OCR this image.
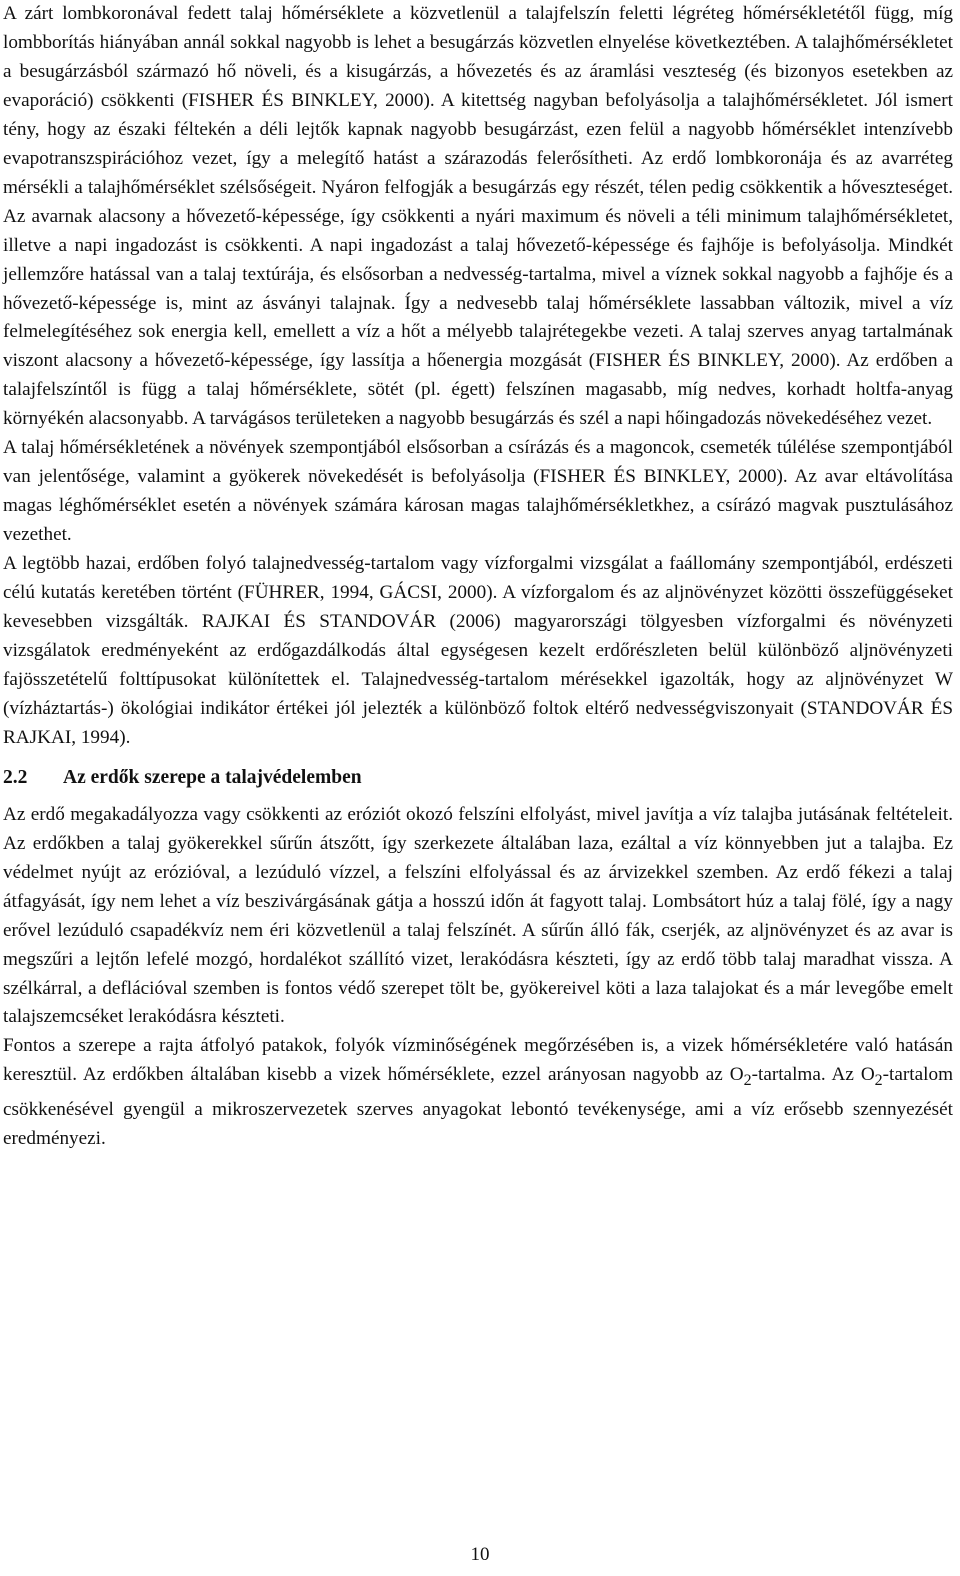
A zárt lombkoronával fedett talaj hőmérséklete a közvetlenül a talajfelszín feletti légréteg hőmérsékletétől függ, míg lombborítás hiányában annál sokkal nagyobb is lehet a besugárzás közvetlen elnyelése következtében. A talajhőmérsékletet a besugárzásból származó hő növeli, és a kisugárzás, a hővezetés és az áramlási veszteség (és bizonyos esetekben az evaporáció) csökkenti (FISHER ÉS BINKLEY, 2000). A kitettség nagyban befolyásolja a talajhőmérsékletet. Jól ismert tény, hogy az északi féltekén a déli lejtők kapnak nagyobb besugárzást, ezen felül a nagyobb hőmérséklet intenzívebb evapotranszspirációhoz vezet, így a melegítő hatást a szárazodás felerősítheti. Az erdő lombkoronája és az avarréteg mérsékli a talajhőmérséklet szélsőségeit. Nyáron felfogják a besugárzás egy részét, télen pedig csökkentik a hőveszteséget. Az avarnak alacsony a hővezető-képessége, így csökkenti a nyári maximum és növeli a téli minimum talajhőmérsékletet, illetve a napi ingadozást is csökkenti. A napi ingadozást a talaj hővezető-képessége és fajhője is befolyásolja. Mindkét jellemzőre hatással van a talaj textúrája, és elsősorban a nedvesség-tartalma, mivel a víznek sokkal nagyobb a fajhője és a hővezető-képessége is, mint az ásványi talajnak. Így a nedvesebb talaj hőmérséklete lassabban változik, mivel a víz felmelegítéséhez sok energia kell, emellett a víz a hőt a mélyebb talajrétegekbe vezeti. A talaj szerves anyag tartalmának viszont alacsony a hővezető-képessége, így lassítja a hőenergia mozgását (FISHER ÉS BINKLEY, 2000). Az erdőben a talajfelszíntől is függ a talaj hőmérséklete, sötét (pl. égett) felszínen magasabb, míg nedves, korhadt holtfa-anyag környékén alacsonyabb. A tarvágásos területeken a nagyobb besugárzás és szél a napi hőingadozás növekedéséhez vezet.

A talaj hőmérsékletének a növények szempontjából elsősorban a csírázás és a magoncok, csemeték túlélése szempontjából van jelentősége, valamint a gyökerek növekedését is befolyásolja (FISHER ÉS BINKLEY, 2000). Az avar eltávolítása magas léghőmérséklet esetén a növények számára károsan magas talajhőmérsékletkhez, a csírázó magvak pusztulásához vezethet.

A legtöbb hazai, erdőben folyó talajnedvesség-tartalom vagy vízforgalmi vizsgálat a faállomány szempontjából, erdészeti célú kutatás keretében történt (FÜHRER, 1994, GÁCSI, 2000). A vízforgalom és az aljnövényzet közötti összefüggéseket kevesebben vizsgálták. RAJKAI ÉS STANDOVÁR (2006) magyarországi tölgyesben vízforgalmi és növényzeti vizsgálatok eredményeként az erdőgazdálkodás által egységesen kezelt erdőrészleten belül különböző aljnövényzeti fajösszetételű folttípusokat különítettek el. Talajnedvesség-tartalom mérésekkel igazolták, hogy az aljnövényzet W (vízháztartás-) ökológiai indikátor értékei jól jelezték a különböző foltok eltérő nedvességviszonyait (STANDOVÁR ÉS RAJKAI, 1994).

2.2 Az erdők szerepe a talajvédelemben

Az erdő megakadályozza vagy csökkenti az eróziót okozó felszíni elfolyást, mivel javítja a víz talajba jutásának feltételeit. Az erdőkben a talaj gyökerekkel sűrűn átszőtt, így szerkezete általában laza, ezáltal a víz könnyebben jut a talajba. Ez védelmet nyújt az erózióval, a lezúduló vízzel, a felszíni elfolyással és az árvizekkel szemben. Az erdő fékezi a talaj átfagyását, így nem lehet a víz beszivárgásának gátja a hosszú időn át fagyott talaj. Lombsátort húz a talaj fölé, így a nagy erővel lezúduló csapadékvíz nem éri közvetlenül a talaj felszínét. A sűrűn álló fák, cserjék, az aljnövényzet és az avar is megszűri a lejtőn lefelé mozgó, hordalékot szállító vizet, lerakódásra készteti, így az erdő több talaj maradhat vissza. A szélkárral, a deflációval szemben is fontos védő szerepet tölt be, gyökereivel köti a laza talajokat és a már levegőbe emelt talajszemcséket lerakódásra készteti.

Fontos a szerepe a rajta átfolyó patakok, folyók vízminőségének megőrzésében is, a vizek hőmérsékletére való hatásán keresztül. Az erdőkben általában kisebb a vizek hőmérséklete, ezzel arányosan nagyobb az $O_2$-tartalma. Az $O_2$-tartalom csökkenésével gyengül a mikroszervezetek szerves anyagokat lebontó tevékenysége, ami a víz erősebb szennyezését eredményezi.

10
